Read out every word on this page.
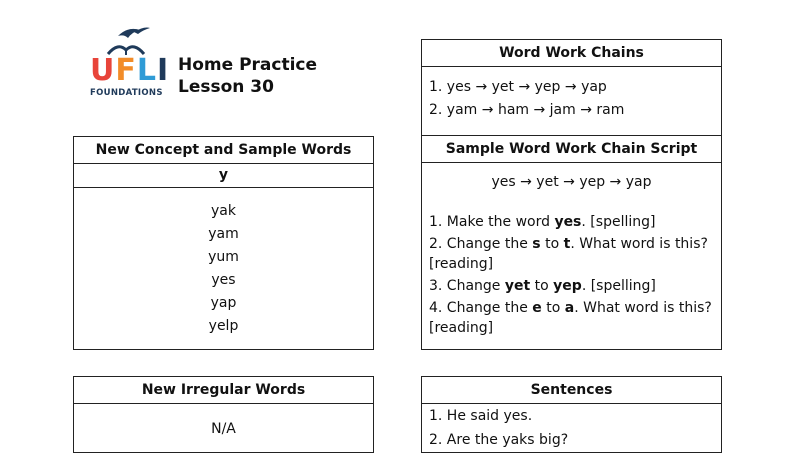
UFLI
FOUNDATIONS
Home Practice
Lesson 30
New Concept and Sample Words
y
yak
yam
yum
yes
yap
yelp
New Irregular Words
N/A
Word Work Chains
1. yes → yet → yep → yap
2. yam → ham → jam → ram
Sample Word Work Chain Script
yes → yet → yep → yap
1. Make the word yes. [spelling]
2. Change the s to t. What word is this? [reading]
3. Change yet to yep. [spelling]
4. Change the e to a. What word is this? [reading]
Sentences
1. He said yes.
2. Are the yaks big?
